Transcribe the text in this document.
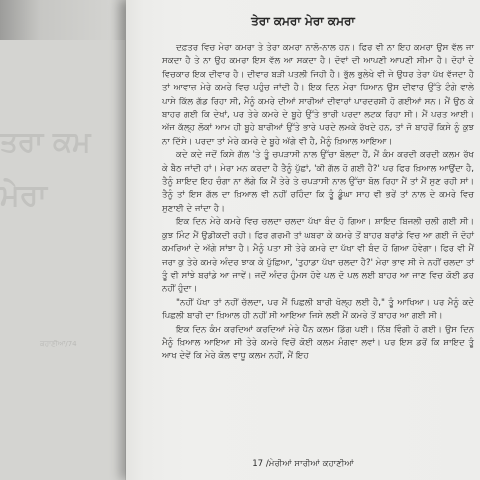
ਤਰਾ ਕਮ
ਮੇਰਾ
ਕਹਾਣੀਆਂ/74
ਤੇਰਾ ਕਮਰਾ ਮੇਰਾ ਕਮਰਾ

ਦਫ਼ਤਰ ਵਿਚ ਮੇਰਾ ਕਮਰਾ ਤੇ ਤੇਰਾ ਕਮਰਾ ਨਾਲੋ-ਨਾਲ ਹਨ। ਫਿਰ ਵੀ ਨਾ ਇਹ ਕਮਰਾ ਉਸ ਵੱਲ ਜਾ ਸਕਦਾ ਹੈ ਤੇ ਨਾ ਉਹ ਕਮਰਾ ਇਸ ਵੱਲ ਆ ਸਕਦਾ ਹੈ। ਦੋਵਾਂ ਦੀ ਆਪਣੀ ਆਪਣੀ ਸੀਮਾ ਹੈ। ਦੋਹਾਂ ਦੇ ਵਿਚਕਾਰ ਇਕ ਦੀਵਾਰ ਹੈ। ਦੀਵਾਰ ਬੜੀ ਪਤਲੀ ਜਿਹੀ ਹੈ। ਭੁੱਲ ਭੁਲੇਖੇ ਵੀ ਜੇ ਉਧਰ ਤੇਰਾ ਪੱਖ ਵੱਜਦਾ ਹੈ ਤਾਂ ਆਵਾਜ਼ ਮੇਰੇ ਕਮਰੇ ਵਿਚ ਪਹੁੰਚ ਜਾਂਦੀ ਹੈ। ਇਕ ਦਿਨ ਮੇਰਾ ਧਿਆਨ ਉਸ ਦੀਵਾਰ ਉੱਤੇ ਟੰਗੇ ਵਾਲੇ ਪਾਸੇ ਕਿੱਲ ਗੱਡ ਰਿਹਾ ਸੀ, ਮੈਨੂੰ ਕਮਰੇ ਦੀਆਂ ਸਾਰੀਆਂ ਦੀਵਾਰਾਂ ਪਾਰਦਰਸ਼ੀ ਹੋ ਗਈਆਂ ਸਨ। ਮੈਂ ਉਠ ਕੇ ਬਾਹਰ ਗਈ ਕਿ ਦੇਖਾਂ, ਪਰ ਤੇਰੇ ਕਮਰੇ ਦੇ ਬੂਹੇ ਉੱਤੇ ਭਾਰੀ ਪਰਦਾ ਲਟਕ ਰਿਹਾ ਸੀ। ਮੈਂ ਪਰਤ ਆਈ। ਅੱਜ ਕੱਲ੍ਹ ਲੋਕਾਂ ਆਮ ਹੀ ਬੂਹੇ ਬਾਰੀਆਂ ਉੱਤੇ ਭਾਰੇ ਪਰਦੇ ਲਮਕੇ ਰੱਖਦੇ ਹਨ, ਤਾਂ ਜੋ ਬਾਹਰੋਂ ਕਿਸੇ ਨੂੰ ਕੁਝ ਨਾ ਦਿੱਸੇ। ਪਰਦਾ ਤਾਂ ਮੇਰੇ ਕਮਰੇ ਦੇ ਬੂਹੇ ਅੱਗੇ ਵੀ ਹੈ, ਮੈਨੂੰ ਖ਼ਿਆਲ ਆਇਆ।

ਕਦੇ ਕਦੇ ਜਦੋਂ ਕਿਸੇ ਗੱਲ 'ਤੇ ਤੂੰ ਚਪੜਾਸੀ ਨਾਲ ਉੱਚਾ ਬੋਲਦਾ ਹੈਂ, ਮੈਂ ਕੰਮ ਕਰਦੀ ਕਰਦੀ ਕਲਮ ਰੱਖ ਕੇ ਬੈਠ ਜਾਂਦੀ ਹਾਂ। ਮੇਰਾ ਮਨ ਕਰਦਾ ਹੈ ਤੈਨੂੰ ਪੁੱਛਾਂ, 'ਕੀ ਗੱਲ ਹੋ ਗਈ ਹੈ?' ਪਰ ਫਿਰ ਖ਼ਿਆਲ ਆਉਂਦਾ ਹੈ, ਤੈਨੂੰ ਸ਼ਾਇਦ ਇਹ ਚੰਗਾ ਨਾ ਲੱਗੇ ਕਿ ਮੈਂ ਤੇਰੇ ਤੇ ਚਪੜਾਸੀ ਨਾਲ ਉੱਚਾ ਬੋਲ ਰਿਹਾ ਮੈਂ ਤਾਂ ਮੈਂ ਸੁਣ ਰਹੀ ਸਾਂ। ਤੈਨੂੰ ਤਾਂ ਇਸ ਗੱਲ ਦਾ ਖ਼ਿਆਲ ਵੀ ਨਹੀਂ ਰਹਿੰਦਾ ਕਿ ਤੂੰ ਡੂੰਘਾ ਸਾਹ ਵੀ ਭਰੇਂ ਤਾਂ ਨਾਲ ਦੇ ਕਮਰੇ ਵਿਚ ਸੁਣਾਈ ਦੇ ਜਾਂਦਾ ਹੈ।

ਇਕ ਦਿਨ ਮੇਰੇ ਕਮਰੇ ਵਿਚ ਚਲਦਾ ਚਲਦਾ ਪੱਖਾ ਬੰਦ ਹੋ ਗਿਆ। ਸ਼ਾਇਦ ਬਿਜਲੀ ਚਲੀ ਗਈ ਸੀ। ਕੁਝ ਮਿੰਟ ਮੈਂ ਉਡੀਕਦੀ ਰਹੀ। ਫਿਰ ਗਰਮੀ ਤਾਂ ਘਬਰਾ ਕੇ ਕਮਰੇ ਤੋਂ ਬਾਹਰ ਬਰਾਂਡੇ ਵਿਚ ਆ ਗਈ ਜੋ ਦੋਹਾਂ ਕਮਰਿਆਂ ਦੇ ਅੱਗੇ ਸਾਂਝਾ ਹੈ। ਮੈਨੂੰ ਪਤਾ ਸੀ ਤੇਰੇ ਕਮਰੇ ਦਾ ਪੱਖਾ ਵੀ ਬੰਦ ਹੋ ਗਿਆ ਹੋਵੇਗਾ। ਫਿਰ ਵੀ ਮੈਂ ਜਰਾ ਕੁ ਤੇਰੇ ਕਮਰੇ ਅੰਦਰ ਝਾਕ ਕੇ ਪੁੱਛਿਆ, 'ਤੁਹਾਡਾ ਪੱਖਾ ਚਲਦਾ ਹੈ?' ਮੇਰਾ ਭਾਵ ਸੀ ਜੇ ਨਹੀਂ ਚਲਦਾ ਤਾਂ ਤੂੰ ਵੀ ਸਾਂਝੇ ਬਰਾਂਡੇ ਆ ਜਾਵੇਂ। ਜਦੋਂ ਅੰਦਰ ਹੁੰਮਸ ਹੋਵੇ ਪਲ ਦੋ ਪਲ ਲਈ ਬਾਹਰ ਆ ਜਾਣ ਵਿਚ ਕੋਈ ਡਰ ਨਹੀਂ ਹੁੰਦਾ।

"ਨਹੀਂ ਪੱਖਾ ਤਾਂ ਨਹੀਂ ਚੱਲਦਾ, ਪਰ ਮੈਂ ਪਿਛਲੀ ਬਾਰੀ ਖੋਲ੍ਹ ਲਈ ਹੈ," ਤੂੰ ਆਖਿਆ। ਪਰ ਮੈਨੂੰ ਕਦੇ ਪਿਛਲੀ ਬਾਰੀ ਦਾ ਖ਼ਿਆਲ ਹੀ ਨਹੀਂ ਸੀ ਆਇਆ ਜਿਸੇ ਲਈ ਮੈਂ ਕਮਰੇ ਤੋਂ ਬਾਹਰ ਆ ਗਈ ਸੀ।

ਇਕ ਦਿਨ ਕੰਮ ਕਰਦਿਆਂ ਕਰਦਿਆਂ ਮੇਰੇ ਪੈੱਨ ਕਲਮ ਡਿੱਗ ਪਈ। ਨਿੱਬ ਵਿੰਗੀ ਹੋ ਗਈ। ਉਸ ਦਿਨ ਮੈਨੂੰ ਖ਼ਿਆਲ ਆਇਆ ਸੀ ਤੇਰੇ ਕਮਰੇ ਵਿਚੋਂ ਕੋਈ ਕਲਮ ਮੰਗਵਾ ਲਵਾਂ। ਪਰ ਇਸ ਡਰੋਂ ਕਿ ਸ਼ਾਇਦ ਤੂੰ ਆਖ ਦੇਵੇਂ ਕਿ ਮੇਰੇ ਕੋਲ ਵਾਧੂ ਕਲਮ ਨਹੀਂ, ਮੈਂ ਇਹ

17 /ਮੇਰੀਆਂ ਸਾਰੀਆਂ ਕਹਾਣੀਆਂ
